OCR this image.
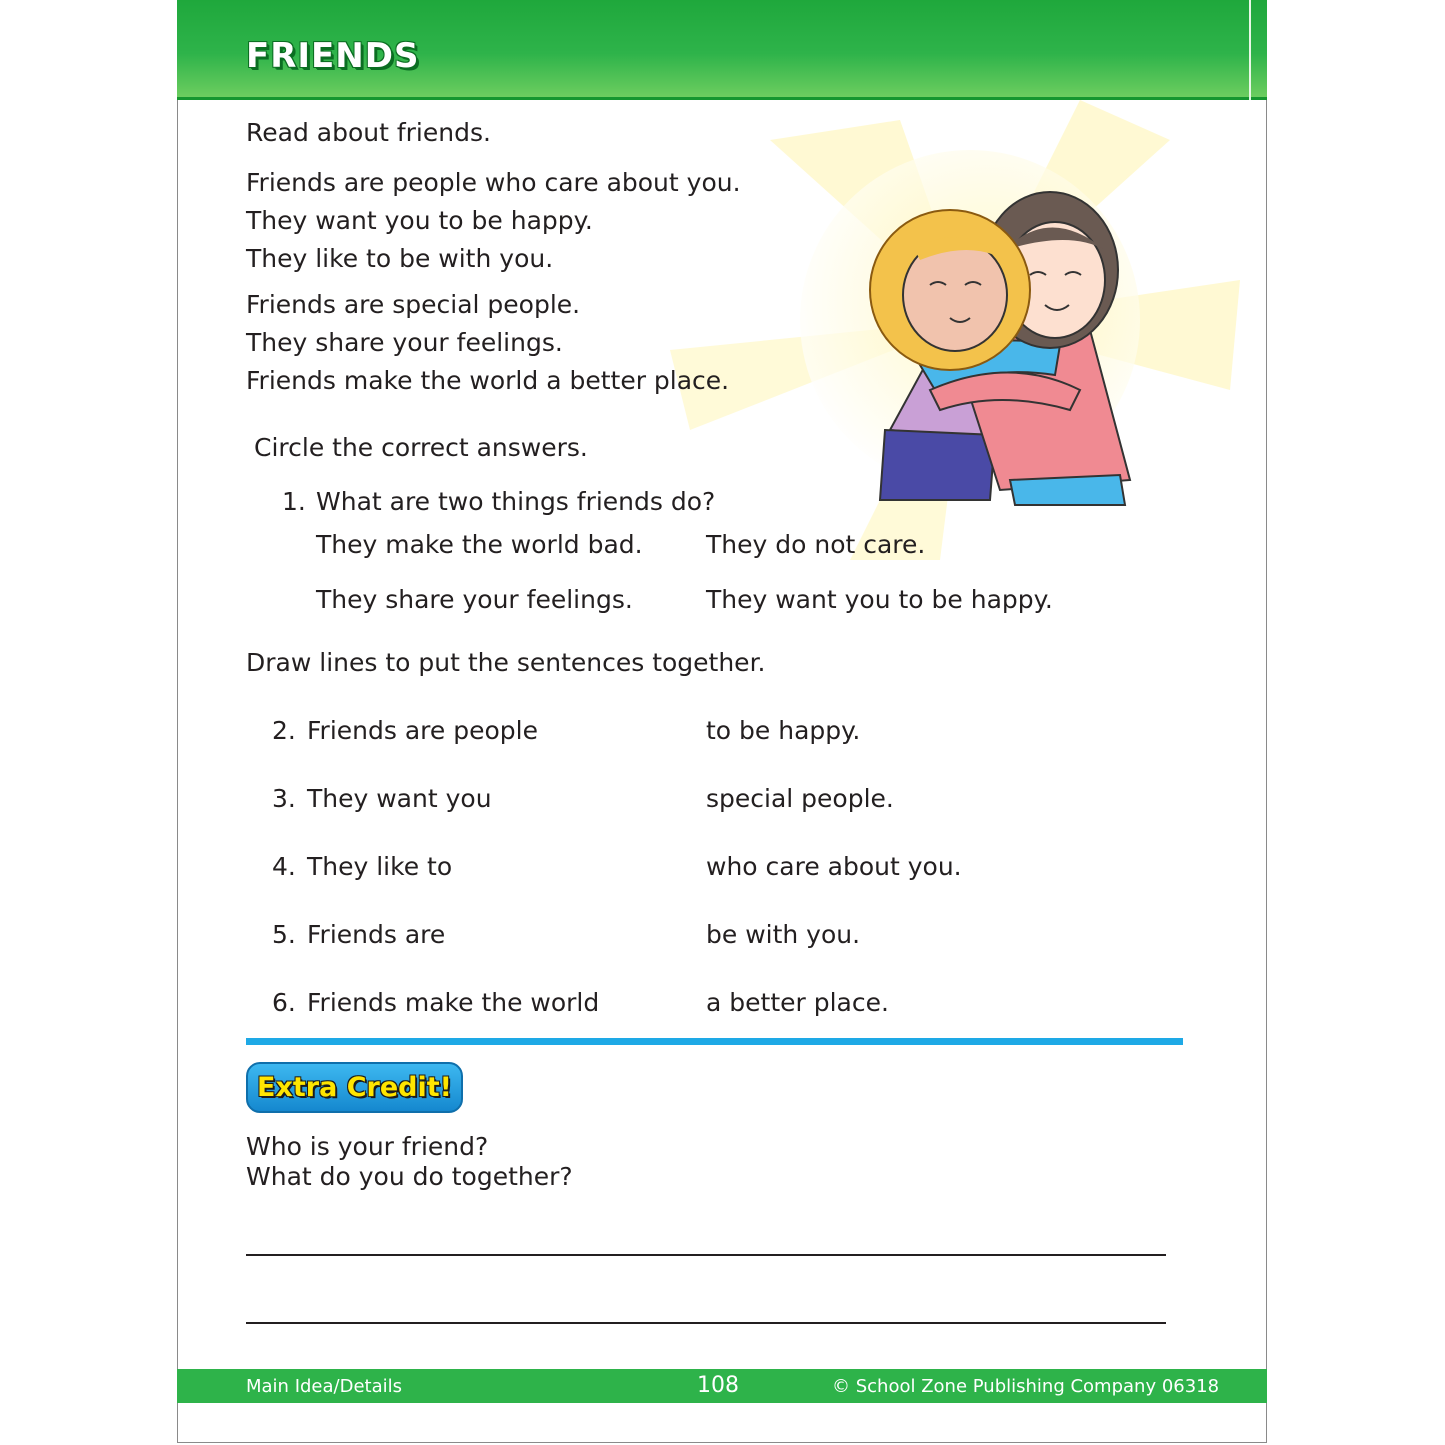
FRIENDS
Read about friends.
Friends are people who care about you.
They want you to be happy.
They like to be with you.
Friends are special people.
They share your feelings.
Friends make the world a better place.
Circle the correct answers.
1. What are two things friends do?
They make the world bad.	They do not care.
They share your feelings.	They want you to be happy.
Draw lines to put the sentences together.
2. Friends are people	to be happy.
3. They want you	special people.
4. They like to	who care about you.
5. Friends are	be with you.
6. Friends make the world	a better place.
Extra Credit!
Who is your friend?
What do you do together?
Main Idea/Details	108	© School Zone Publishing Company 06318
